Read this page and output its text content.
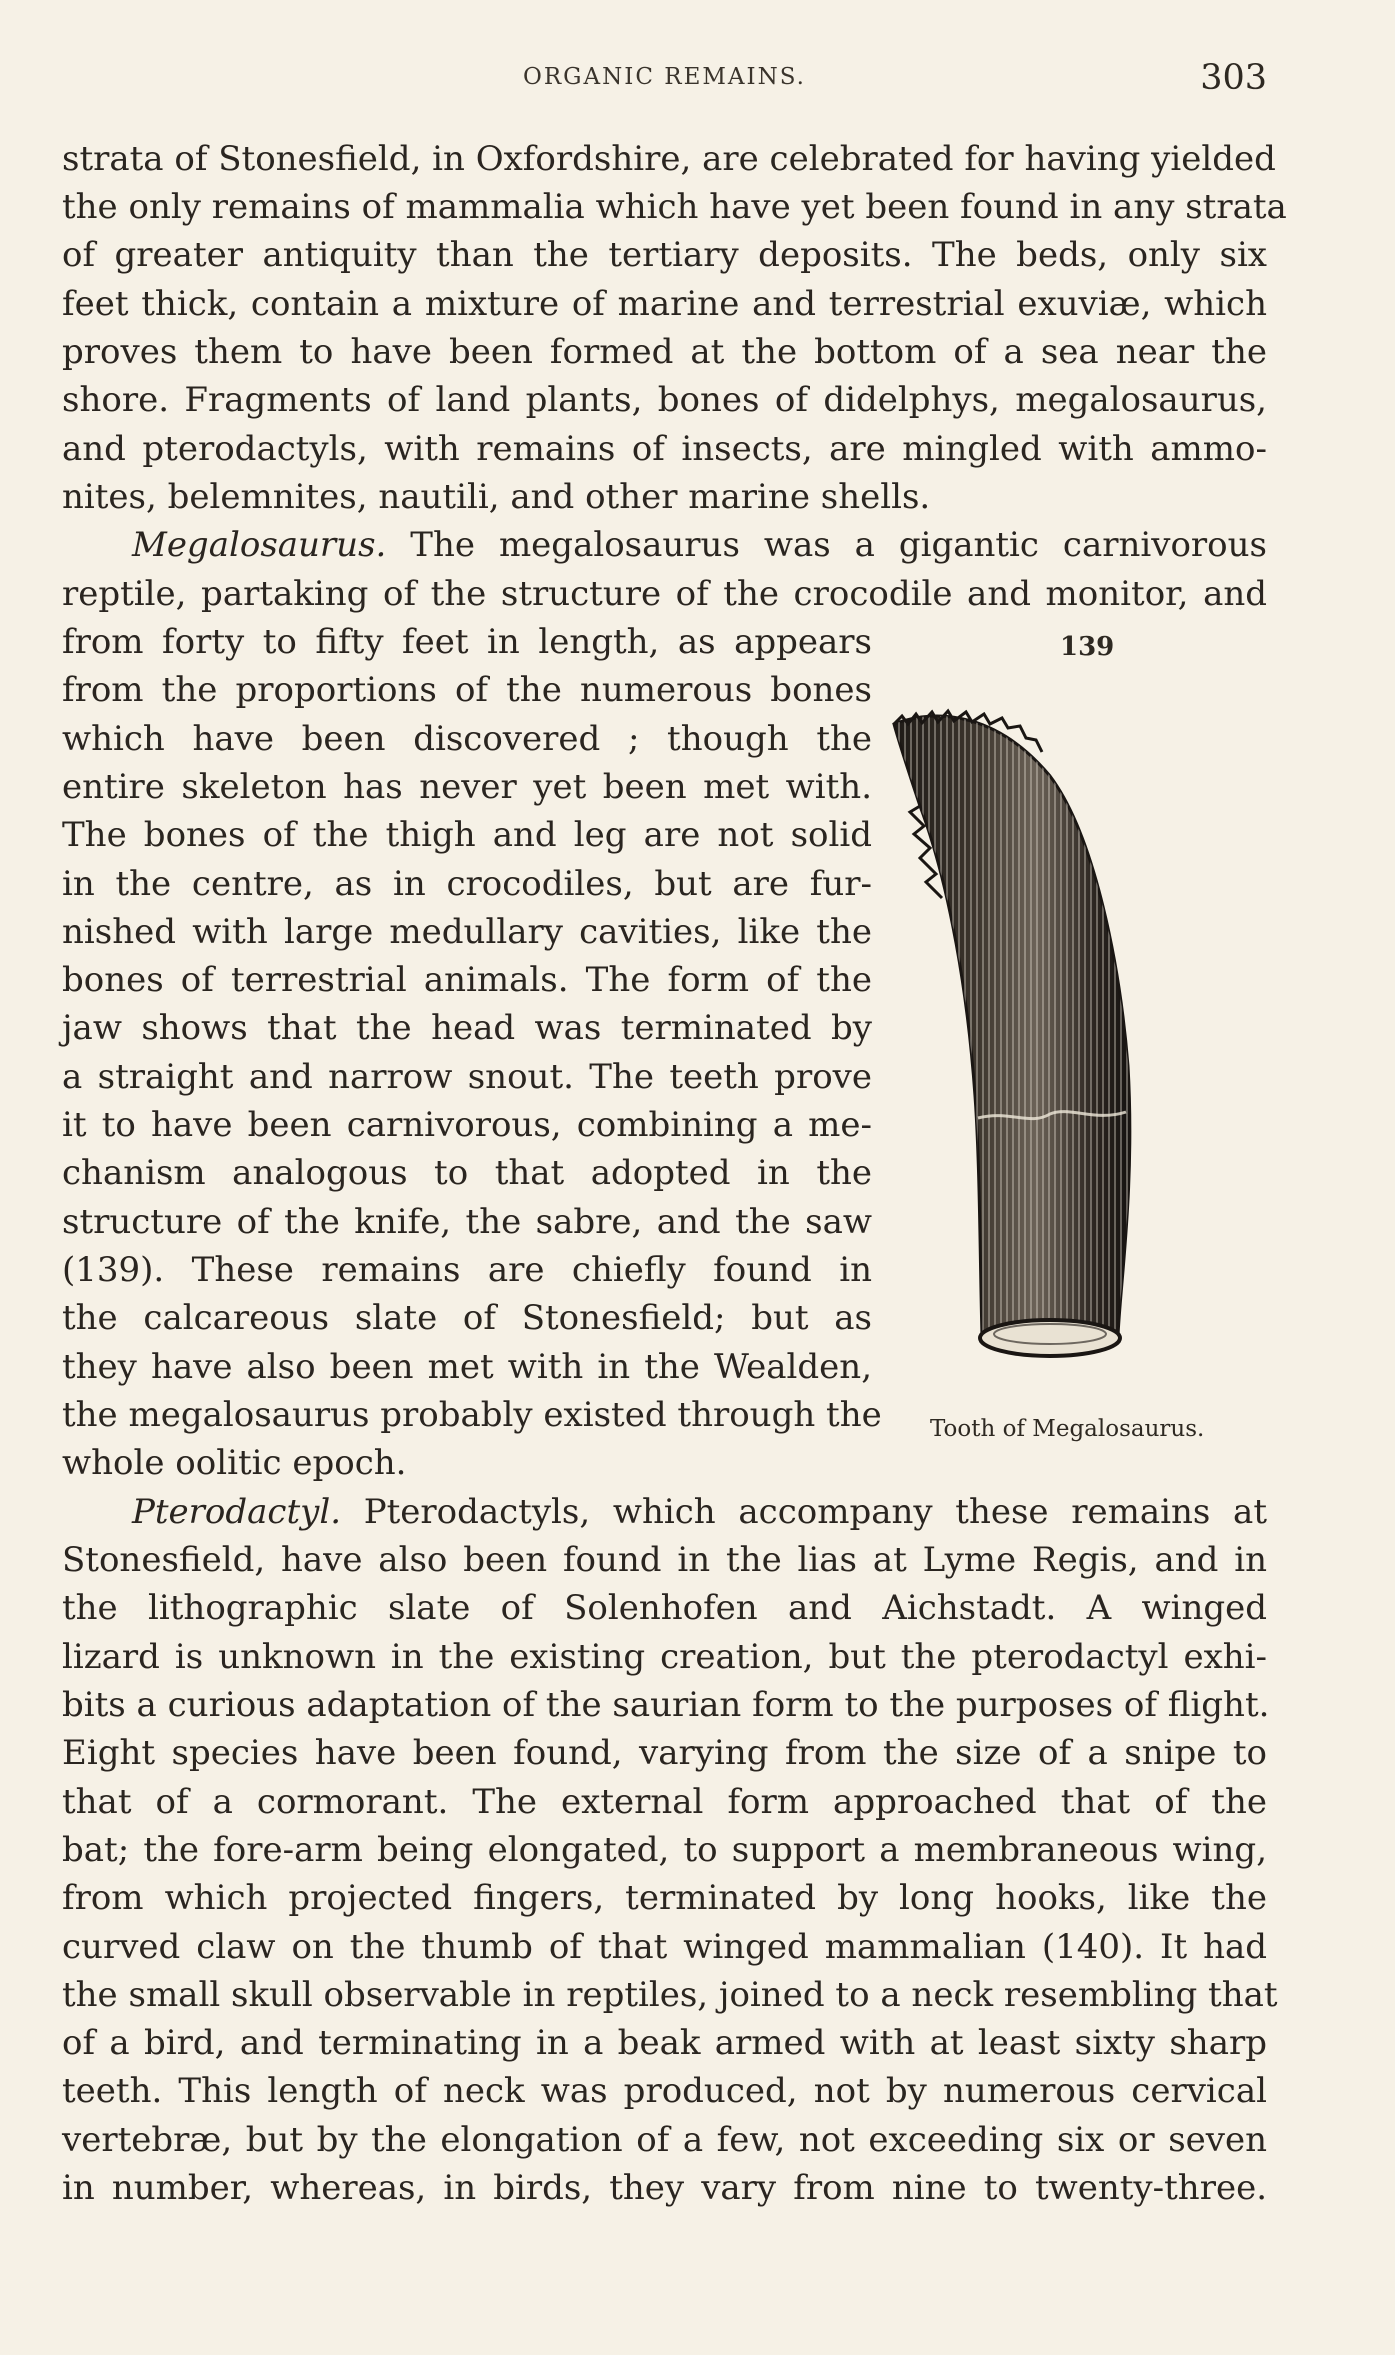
ORGANIC REMAINS.	303
strata of Stonesfield, in Oxfordshire, are celebrated for having yielded
the only remains of mammalia which have yet been found in any strata
of greater antiquity than the tertiary deposits. The beds, only six
feet thick, contain a mixture of marine and terrestrial exuviæ, which
proves them to have been formed at the bottom of a sea near the
shore. Fragments of land plants, bones of didelphys, megalosaurus,
and pterodactyls, with remains of insects, are mingled with ammo-
nites, belemnites, nautili, and other marine shells.
Megalosaurus. The megalosaurus was a gigantic carnivorous
reptile, partaking of the structure of the crocodile and monitor, and
from forty to fifty feet in length, as appears
from the proportions of the numerous bones
which have been discovered ; though the
entire skeleton has never yet been met with.
The bones of the thigh and leg are not solid
in the centre, as in crocodiles, but are fur-
nished with large medullary cavities, like the
bones of terrestrial animals. The form of the
jaw shows that the head was terminated by
a straight and narrow snout. The teeth prove
it to have been carnivorous, combining a me-
chanism analogous to that adopted in the
structure of the knife, the sabre, and the saw
(139). These remains are chiefly found in
the calcareous slate of Stonesfield; but as
they have also been met with in the Wealden,
the megalosaurus probably existed through the
whole oolitic epoch.
139
Tooth of Megalosaurus.
Pterodactyl. Pterodactyls, which accompany these remains at
Stonesfield, have also been found in the lias at Lyme Regis, and in
the lithographic slate of Solenhofen and Aichstadt. A winged
lizard is unknown in the existing creation, but the pterodactyl exhi-
bits a curious adaptation of the saurian form to the purposes of flight.
Eight species have been found, varying from the size of a snipe to
that of a cormorant. The external form approached that of the
bat; the fore-arm being elongated, to support a membraneous wing,
from which projected fingers, terminated by long hooks, like the
curved claw on the thumb of that winged mammalian (140). It had
the small skull observable in reptiles, joined to a neck resembling that
of a bird, and terminating in a beak armed with at least sixty sharp
teeth. This length of neck was produced, not by numerous cervical
vertebræ, but by the elongation of a few, not exceeding six or seven
in number, whereas, in birds, they vary from nine to twenty-three.
